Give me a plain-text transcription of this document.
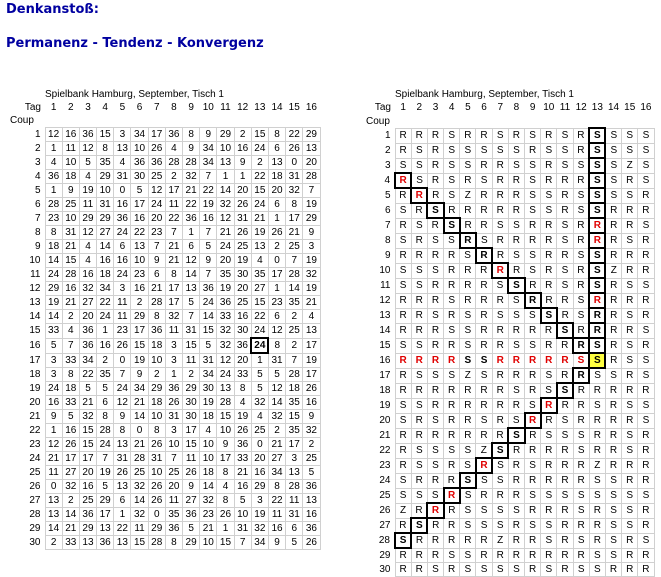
Denkanstoß:
Permanenz - Tendenz - Konvergenz
	Spielbank Hamburg, September, Tisch 1															
Tag	1	2	3	4	5	6	7	8	9	10	11	12	13	14	15	16
Coup																
1	12	16	36	15	3	34	17	36	8	9	29	2	15	8	22	29
2	1	11	12	8	13	10	26	4	9	34	10	16	24	6	26	13
3	4	10	5	35	4	36	36	28	28	34	13	9	2	13	0	20
4	36	18	4	29	31	30	25	2	32	7	1	1	22	18	31	28
5	1	9	19	10	0	5	12	17	21	22	14	20	15	20	32	7
6	28	25	11	31	16	17	24	11	22	19	32	26	24	6	8	19
7	23	10	29	29	36	16	20	22	36	16	12	31	21	1	17	29
8	8	31	12	27	24	22	23	7	1	7	21	26	19	26	21	9
9	18	21	4	14	6	13	7	21	6	5	24	25	13	2	25	3
10	14	15	4	16	16	10	9	21	12	9	20	19	4	0	7	19
11	24	28	16	18	24	23	6	8	14	7	35	30	35	17	28	32
12	29	16	32	34	3	16	21	17	13	36	19	20	27	1	14	19
13	19	21	27	22	11	2	28	17	5	24	36	25	15	23	35	21
14	14	2	20	24	11	29	8	32	7	14	33	16	22	6	2	4
15	33	4	36	1	23	17	36	11	31	15	32	30	24	12	25	13
16	5	7	36	16	26	15	18	3	15	5	32	36	24	8	2	17
17	3	33	34	2	0	19	10	3	11	31	12	20	1	31	7	19
18	3	8	22	35	7	9	2	1	2	34	24	33	5	5	28	17
19	24	18	5	5	24	34	29	36	29	30	13	8	5	12	18	26
20	16	33	21	6	12	21	18	26	30	19	28	4	32	14	35	16
21	9	5	32	8	9	14	10	31	30	18	15	19	4	32	15	9
22	1	16	15	28	8	0	8	3	17	4	10	26	25	2	35	32
23	12	26	15	24	13	21	26	10	15	10	9	36	0	21	17	2
24	21	17	17	7	31	28	31	7	11	10	17	33	20	27	3	25
25	11	27	20	19	26	25	10	25	26	18	8	21	16	34	13	5
26	0	32	16	5	13	32	26	20	9	14	4	16	29	8	28	36
27	13	2	25	29	6	14	26	11	27	32	8	5	3	22	11	13
28	13	14	36	17	1	32	0	35	36	23	26	10	19	11	31	16
29	14	21	29	13	22	11	29	36	5	21	1	31	32	16	6	36
30	2	33	13	36	13	15	28	8	29	10	15	7	34	9	5	26
	Spielbank Hamburg, September, Tisch 1															
Tag	1	2	3	4	5	6	7	8	9	10	11	12	13	14	15	16
Coup																
1	R	R	R	S	R	R	S	R	S	R	S	R	S	S	S	S
2	R	S	R	S	S	S	S	S	R	S	S	R	S	S	S	S
3	S	S	R	S	S	R	R	S	S	R	S	S	S	S	Z	S
4	R	S	R	S	R	S	R	R	S	R	R	R	S	S	R	S
5	R	R	R	S	Z	R	R	R	S	S	R	S	S	S	S	R
6	S	R	S	R	R	R	R	R	S	S	R	S	S	R	R	R
7	R	S	R	S	R	R	S	S	R	R	S	R	R	R	R	S
8	S	R	S	S	R	S	R	R	R	R	S	R	R	R	S	R
9	R	R	R	R	S	R	R	S	S	R	R	S	S	R	R	R
10	S	S	S	R	R	R	R	R	S	R	S	R	S	Z	R	R
11	S	S	R	R	R	R	S	S	R	R	S	R	S	R	S	S
12	R	R	R	S	R	R	R	S	R	R	R	S	R	R	R	R
13	R	R	S	R	S	R	S	S	S	S	R	S	R	R	S	R
14	R	R	R	S	S	R	R	R	R	R	S	R	R	R	R	S
15	S	S	R	R	S	R	R	S	S	R	R	R	S	R	S	R
16	R	R	R	R	S	S	R	R	R	R	R	S	S	R	S	S
17	R	S	S	S	Z	S	R	R	R	S	R	R	S	S	R	S
18	R	R	R	R	R	R	R	S	R	S	S	R	R	R	R	R
19	S	S	R	R	R	R	R	R	S	R	R	R	S	R	S	S
20	S	R	S	R	R	S	R	S	R	R	S	R	R	R	R	S
21	R	R	R	R	R	R	R	S	R	S	S	S	R	R	S	R
22	R	S	S	S	S	Z	S	R	R	R	R	S	R	R	S	R
23	R	S	S	R	S	R	S	R	S	R	R	R	Z	R	R	R
24	S	R	R	R	S	S	S	R	R	R	R	R	S	S	R	R
25	S	S	S	R	S	R	R	R	S	S	S	S	S	S	S	S
26	Z	R	R	R	S	S	S	S	R	R	R	S	R	S	S	R
27	R	S	R	R	S	S	S	R	S	S	R	R	R	S	S	R
28	S	R	R	R	R	R	Z	R	R	S	R	S	R	S	R	S
29	R	R	R	S	S	R	R	R	R	R	R	R	S	S	R	R
30	R	R	S	R	S	S	S	S	R	S	R	S	S	R	R	R
